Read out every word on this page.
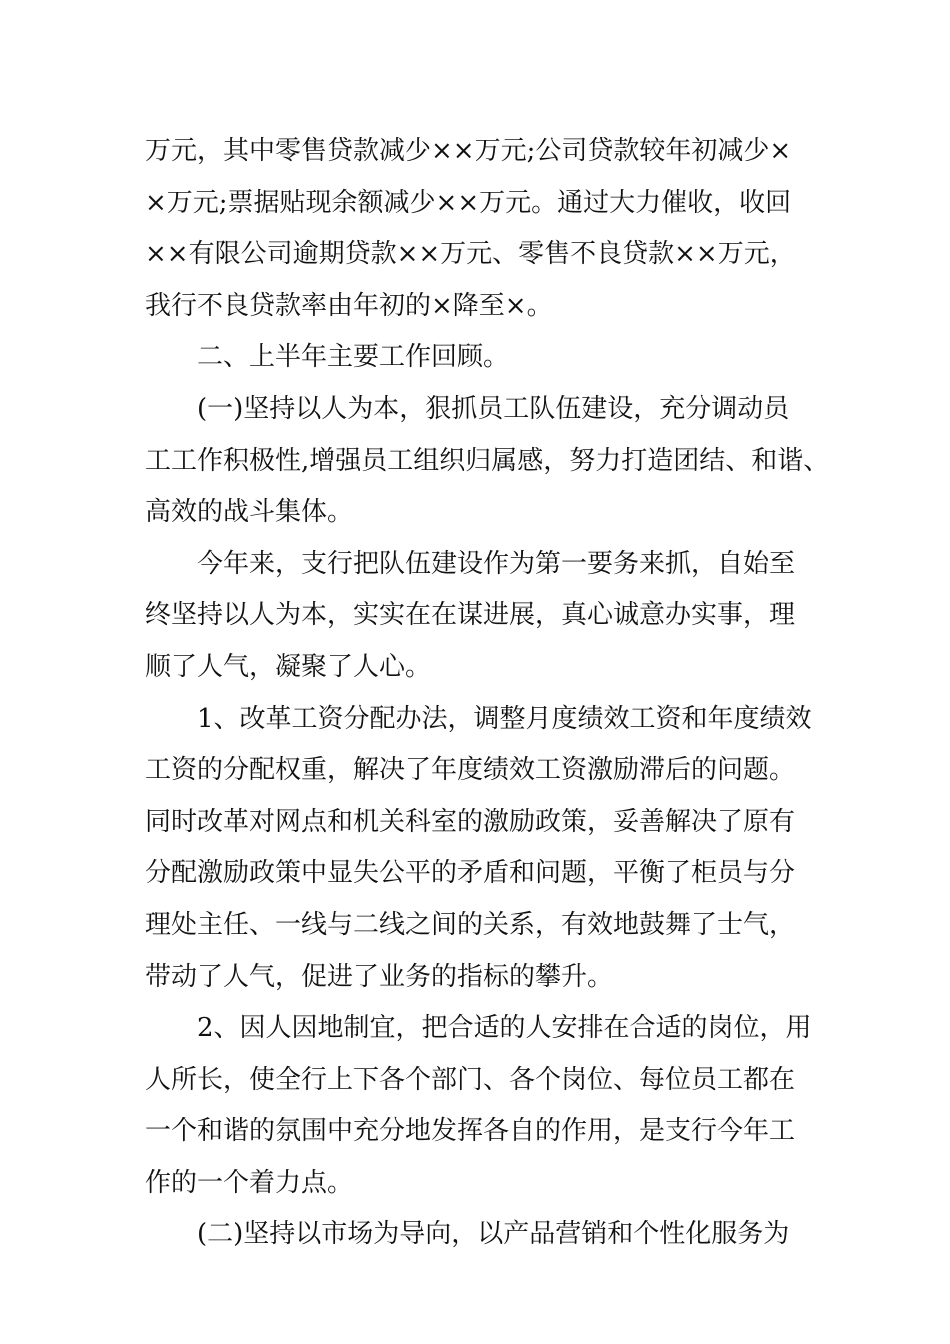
万元，其中零售贷款减少××万元;公司贷款较年初减少×
×万元;票据贴现余额减少××万元。通过大力催收，收回
××有限公司逾期贷款××万元、零售不良贷款××万元，
我行不良贷款率由年初的×降至×。
二、上半年主要工作回顾。
(一)坚持以人为本，狠抓员工队伍建设，充分调动员
工工作积极性,增强员工组织归属感，努力打造团结、和谐、
高效的战斗集体。
今年来，支行把队伍建设作为第一要务来抓，自始至
终坚持以人为本，实实在在谋进展，真心诚意办实事，理
顺了人气，凝聚了人心。
1、改革工资分配办法，调整月度绩效工资和年度绩效
工资的分配权重，解决了年度绩效工资激励滞后的问题。
同时改革对网点和机关科室的激励政策，妥善解决了原有
分配激励政策中显失公平的矛盾和问题，平衡了柜员与分
理处主任、一线与二线之间的关系，有效地鼓舞了士气，
带动了人气，促进了业务的指标的攀升。
2、因人因地制宜，把合适的人安排在合适的岗位，用
人所长，使全行上下各个部门、各个岗位、每位员工都在
一个和谐的氛围中充分地发挥各自的作用，是支行今年工
作的一个着力点。
(二)坚持以市场为导向，以产品营销和个性化服务为
